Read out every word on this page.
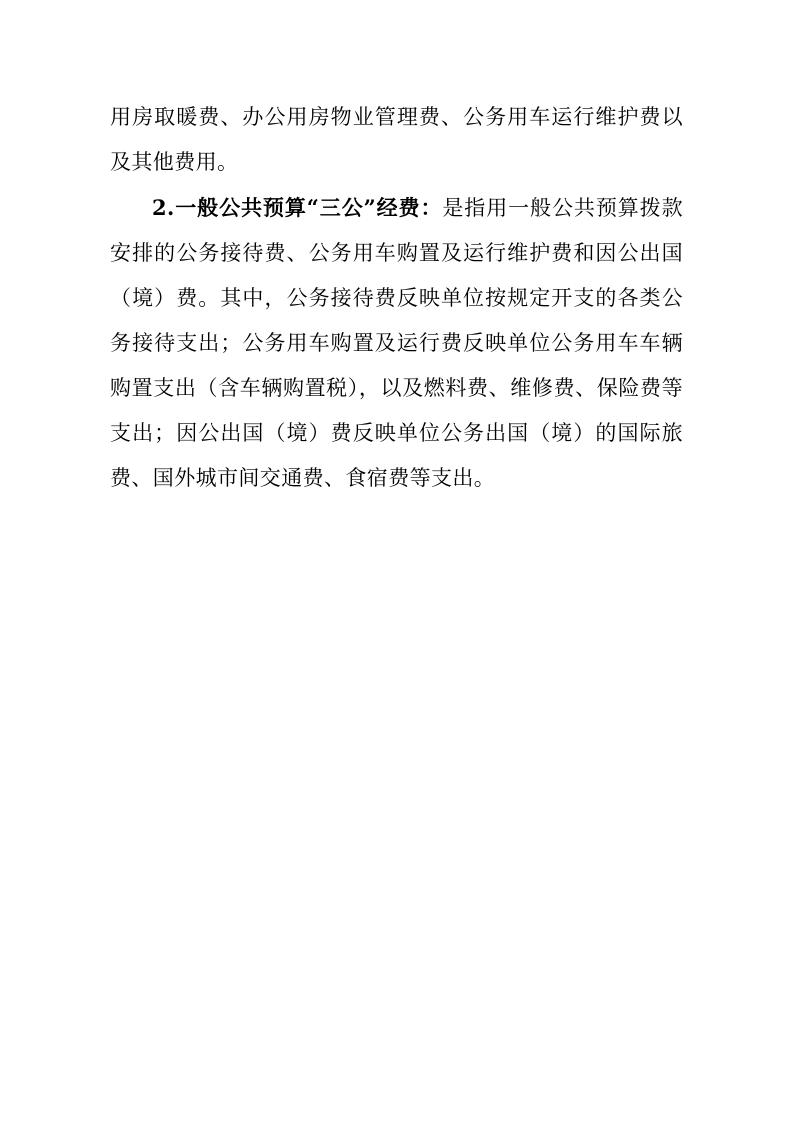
用房取暖费、办公用房物业管理费、公务用车运行维护费以及其他费用。

2.一般公共预算“三公”经费：是指用一般公共预算拨款安排的公务接待费、公务用车购置及运行维护费和因公出国（境）费。其中，公务接待费反映单位按规定开支的各类公务接待支出；公务用车购置及运行费反映单位公务用车车辆购置支出（含车辆购置税），以及燃料费、维修费、保险费等支出；因公出国（境）费反映单位公务出国（境）的国际旅费、国外城市间交通费、食宿费等支出。
